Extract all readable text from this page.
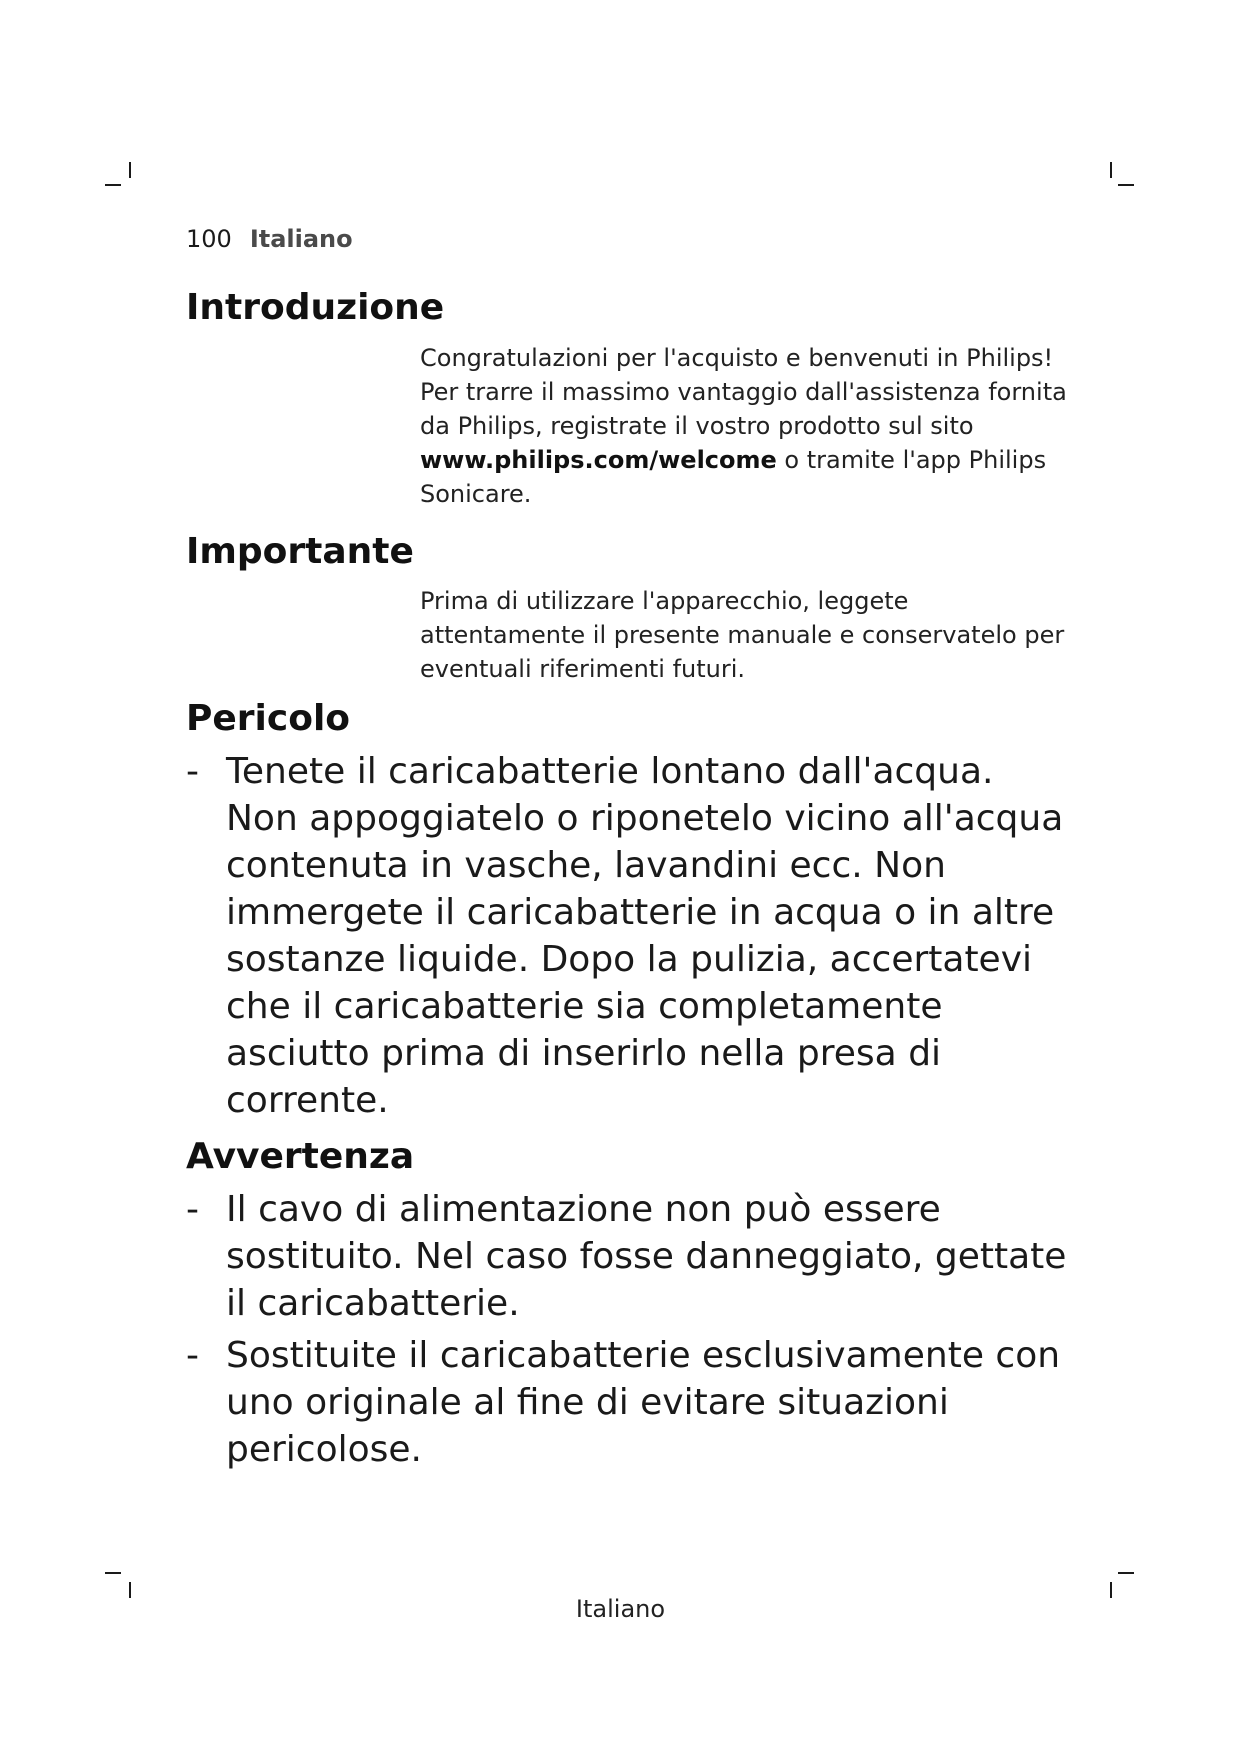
100 Italiano
Introduzione
Congratulazioni per l'acquisto e benvenuti in Philips! Per trarre il massimo vantaggio dall'assistenza fornita da Philips, registrate il vostro prodotto sul sito www.philips.com/welcome o tramite l'app Philips Sonicare.
Importante
Prima di utilizzare l'apparecchio, leggete attentamente il presente manuale e conservatelo per eventuali riferimenti futuri.
Pericolo
- Tenete il caricabatterie lontano dall'acqua. Non appoggiatelo o riponetelo vicino all'acqua contenuta in vasche, lavandini ecc. Non immergete il caricabatterie in acqua o in altre sostanze liquide. Dopo la pulizia, accertatevi che il caricabatterie sia completamente asciutto prima di inserirlo nella presa di corrente.
Avvertenza
- Il cavo di alimentazione non può essere sostituito. Nel caso fosse danneggiato, gettate il caricabatterie.
- Sostituite il caricabatterie esclusivamente con uno originale al fine di evitare situazioni pericolose.
Italiano
